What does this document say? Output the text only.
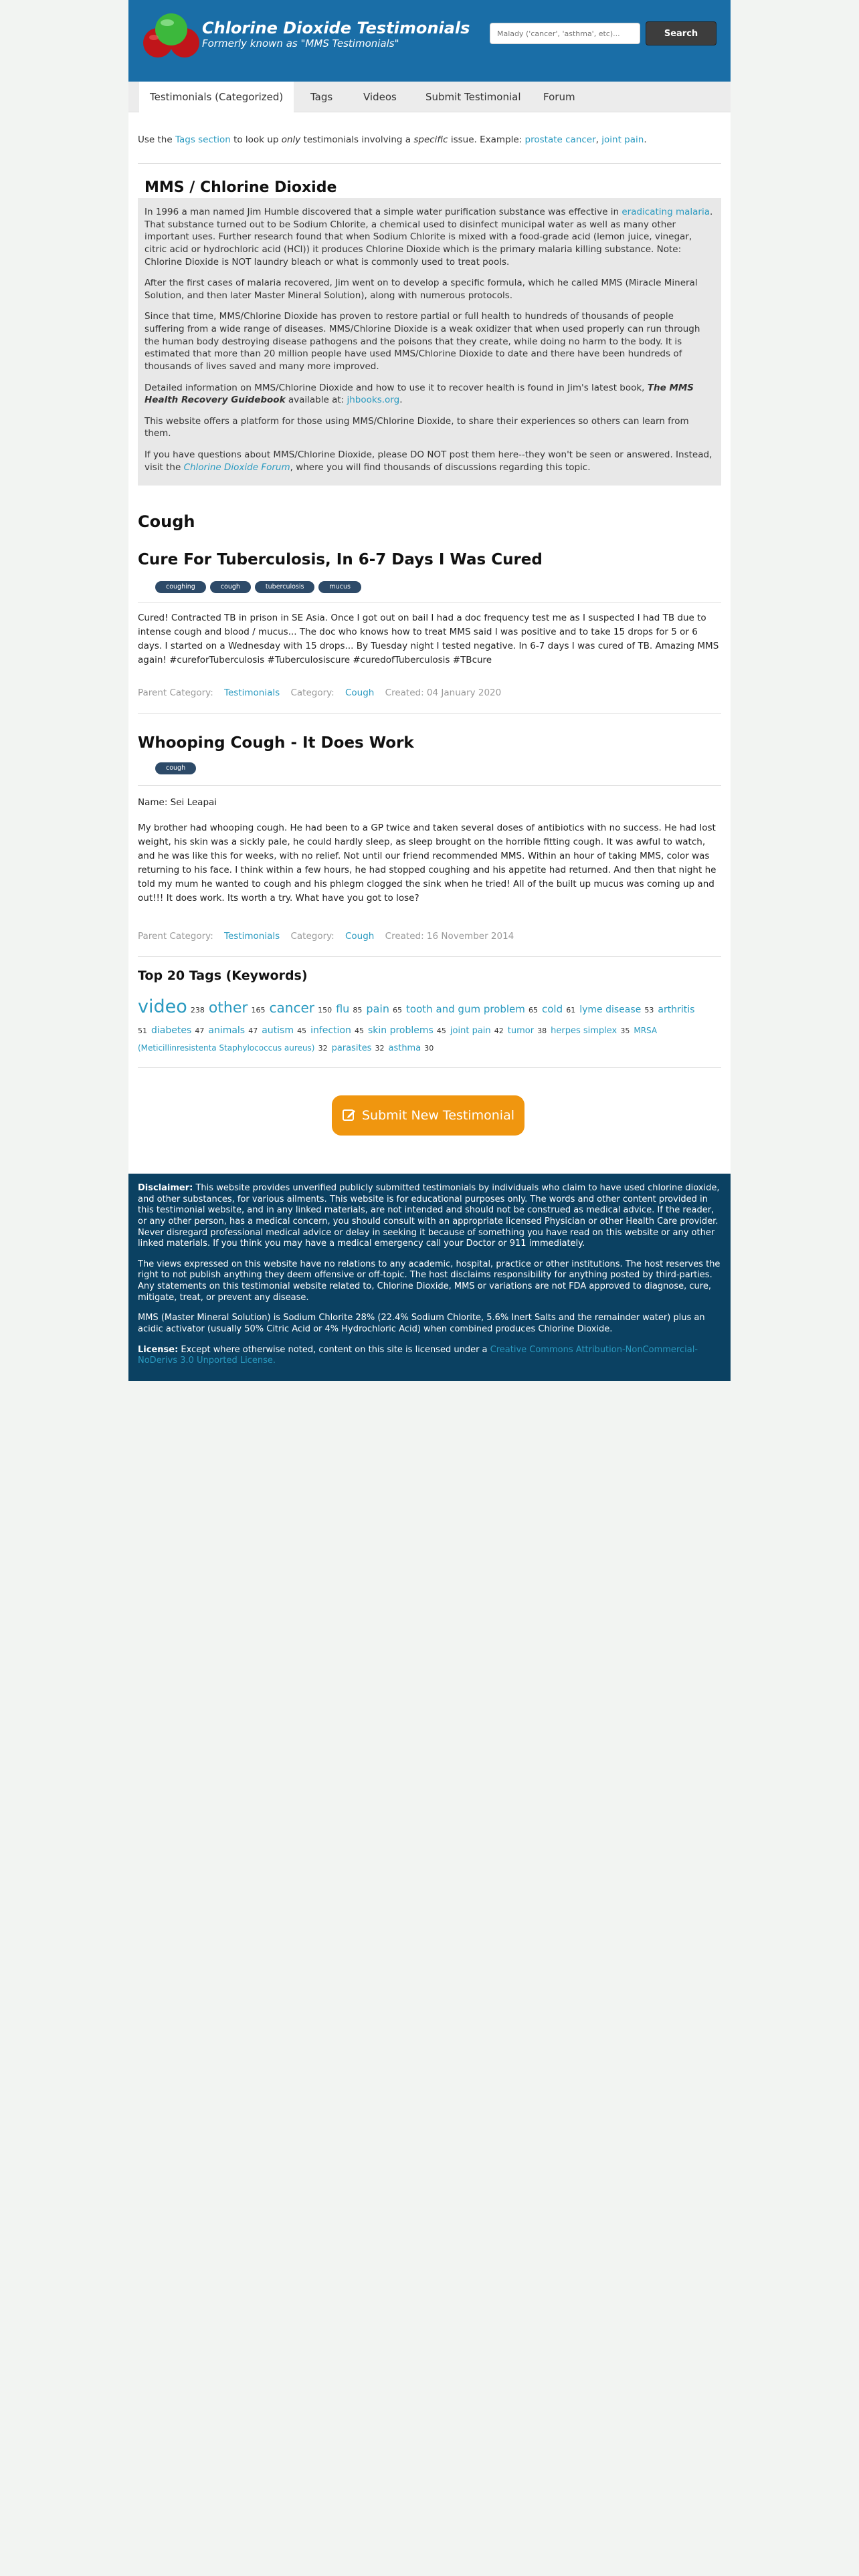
Chlorine Dioxide Testimonials
Formerly known as "MMS Testimonials"
Malady ('cancer', 'asthma', etc)...
Search
Testimonials (Categorized)	Tags	Videos	Submit Testimonial	Forum

Use the Tags section to look up only testimonials involving a specific issue. Example: prostate cancer, joint pain.

MMS / Chlorine Dioxide

In 1996 a man named Jim Humble discovered that a simple water purification substance was effective in eradicating malaria. That substance turned out to be Sodium Chlorite, a chemical used to disinfect municipal water as well as many other important uses. Further research found that when Sodium Chlorite is mixed with a food-grade acid (lemon juice, vinegar, citric acid or hydrochloric acid (HCl)) it produces Chlorine Dioxide which is the primary malaria killing substance. Note: Chlorine Dioxide is NOT laundry bleach or what is commonly used to treat pools.

After the first cases of malaria recovered, Jim went on to develop a specific formula, which he called MMS (Miracle Mineral Solution, and then later Master Mineral Solution), along with numerous protocols.

Since that time, MMS/Chlorine Dioxide has proven to restore partial or full health to hundreds of thousands of people suffering from a wide range of diseases. MMS/Chlorine Dioxide is a weak oxidizer that when used properly can run through the human body destroying disease pathogens and the poisons that they create, while doing no harm to the body. It is estimated that more than 20 million people have used MMS/Chlorine Dioxide to date and there have been hundreds of thousands of lives saved and many more improved.

Detailed information on MMS/Chlorine Dioxide and how to use it to recover health is found in Jim's latest book, The MMS Health Recovery Guidebook available at: jhbooks.org.

This website offers a platform for those using MMS/Chlorine Dioxide, to share their experiences so others can learn from them.

If you have questions about MMS/Chlorine Dioxide, please DO NOT post them here--they won't be seen or answered. Instead, visit the Chlorine Dioxide Forum, where you will find thousands of discussions regarding this topic.

Cough
Cure For Tuberculosis, In 6-7 Days I Was Cured
coughing	cough	tuberculosis	mucus
Cured! Contracted TB in prison in SE Asia. Once I got out on bail I had a doc frequency test me as I suspected I had TB due to intense cough and blood / mucus... The doc who knows how to treat MMS said I was positive and to take 15 drops for 5 or 6 days. I started on a Wednesday with 15 drops... By Tuesday night I tested negative. In 6-7 days I was cured of TB. Amazing MMS again! #cureforTuberculosis #Tuberculosiscure #curedofTuberculosis #TBcure
Parent Category: Testimonials Category: Cough Created: 04 January 2020
Whooping Cough - It Does Work
cough
Name: Sei Leapai
My brother had whooping cough. He had been to a GP twice and taken several doses of antibiotics with no success. He had lost weight, his skin was a sickly pale, he could hardly sleep, as sleep brought on the horrible fitting cough. It was awful to watch, and he was like this for weeks, with no relief. Not until our friend recommended MMS. Within an hour of taking MMS, color was returning to his face. I think within a few hours, he had stopped coughing and his appetite had returned. And then that night he told my mum he wanted to cough and his phlegm clogged the sink when he tried! All of the built up mucus was coming up and out!!! It does work. Its worth a try. What have you got to lose?
Parent Category: Testimonials Category: Cough Created: 16 November 2014
Top 20 Tags (Keywords)
video 238 other 165 cancer 150 flu 85 pain 65 tooth and gum problem 65 cold 61 lyme disease 53 arthritis 51 diabetes 47 animals 47 autism 45 infection 45 skin problems 45 joint pain 42 tumor 38 herpes simplex 35 MRSA (Meticillinresistenta Staphylococcus aureus) 32 parasites 32 asthma 30
Submit New Testimonial

Disclaimer: This website provides unverified publicly submitted testimonials by individuals who claim to have used chlorine dioxide, and other substances, for various ailments. This website is for educational purposes only. The words and other content provided in this testimonial website, and in any linked materials, are not intended and should not be construed as medical advice. If the reader, or any other person, has a medical concern, you should consult with an appropriate licensed Physician or other Health Care provider. Never disregard professional medical advice or delay in seeking it because of something you have read on this website or any other linked materials. If you think you may have a medical emergency call your Doctor or 911 immediately.

The views expressed on this website have no relations to any academic, hospital, practice or other institutions. The host reserves the right to not publish anything they deem offensive or off-topic. The host disclaims responsibility for anything posted by third-parties. Any statements on this testimonial website related to, Chlorine Dioxide, MMS or variations are not FDA approved to diagnose, cure, mitigate, treat, or prevent any disease.

MMS (Master Mineral Solution) is Sodium Chlorite 28% (22.4% Sodium Chlorite, 5.6% Inert Salts and the remainder water) plus an acidic activator (usually 50% Citric Acid or 4% Hydrochloric Acid) when combined produces Chlorine Dioxide.

License: Except where otherwise noted, content on this site is licensed under a Creative Commons Attribution-NonCommercial-NoDerivs 3.0 Unported License.
